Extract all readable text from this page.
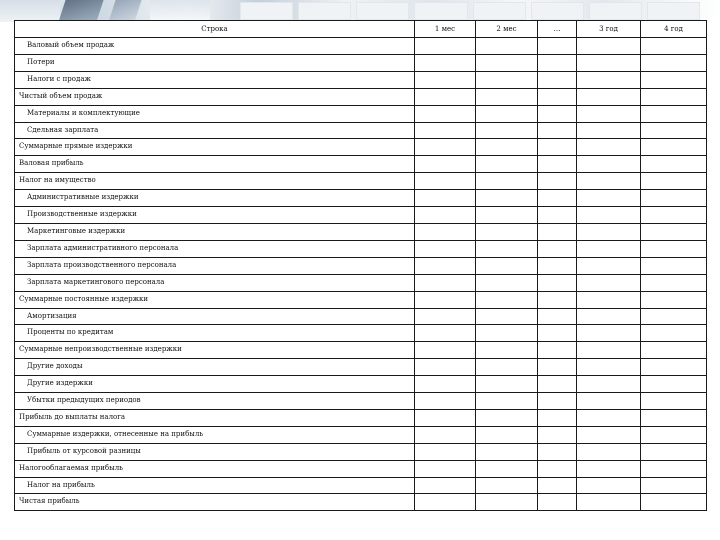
Строка	1 мес	2 мес	…	3 год	4 год
Валовый объем продаж					
Потери					
Налоги с продаж					
Чистый объем продаж					
Материалы и комплектующие					
Сдельная зарплата					
Суммарные прямые издержки					
Валовая прибыль					
Налог на имущество					
Административные издержки					
Производственные издержки					
Маркетинговые издержки					
Зарплата административного персонала					
Зарплата производственного персонала					
Зарплата маркетингового персонала					
Суммарные постоянные издержки					
Амортизация					
Проценты по кредитам					
Суммарные непроизводственные издержки					
Другие доходы					
Другие издержки					
Убытки предыдущих периодов					
Прибыль до выплаты налога					
Суммарные издержки, отнесенные на прибыль					
Прибыль от курсовой разницы					
Налогооблагаемая прибыль					
Налог на прибыль					
Чистая прибыль					
